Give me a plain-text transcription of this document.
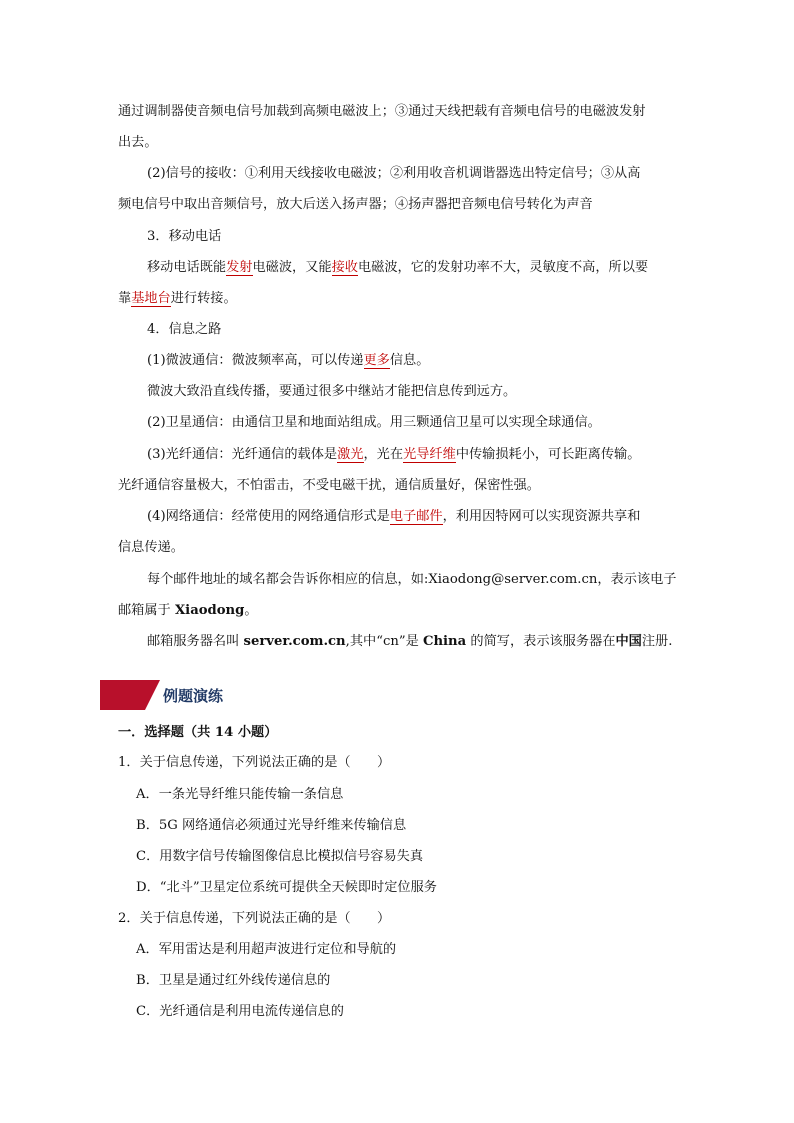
通过调制器使音频电信号加载到高频电磁波上；③通过天线把载有音频电信号的电磁波发射
出去。
(2)信号的接收：①利用天线接收电磁波；②利用收音机调谐器选出特定信号；③从高
频电信号中取出音频信号，放大后送入扬声器；④扬声器把音频电信号转化为声音
3．移动电话
移动电话既能发射电磁波，又能接收电磁波，它的发射功率不大，灵敏度不高，所以要
靠基地台进行转接。
4．信息之路
(1)微波通信：微波频率高，可以传递更多信息。
微波大致沿直线传播，要通过很多中继站才能把信息传到远方。
(2)卫星通信：由通信卫星和地面站组成。用三颗通信卫星可以实现全球通信。
(3)光纤通信：光纤通信的载体是激光，光在光导纤维中传输损耗小，可长距离传输。
光纤通信容量极大，不怕雷击，不受电磁干扰，通信质量好，保密性强。
(4)网络通信：经常使用的网络通信形式是电子邮件，利用因特网可以实现资源共享和
信息传递。
每个邮件地址的域名都会告诉你相应的信息，如:Xiaodong@server.com.cn，表示该电子
邮箱属于 Xiaodong。
邮箱服务器名叫 server.com.cn,其中“cn”是 China 的简写，表示该服务器在中国注册.
例题演练
一．选择题（共 14 小题）
1．关于信息传递，下列说法正确的是（　　）
A．一条光导纤维只能传输一条信息
B．5G 网络通信必须通过光导纤维来传输信息
C．用数字信号传输图像信息比模拟信号容易失真
D．“北斗”卫星定位系统可提供全天候即时定位服务
2．关于信息传递，下列说法正确的是（　　）
A．军用雷达是利用超声波进行定位和导航的
B．卫星是通过红外线传递信息的
C．光纤通信是利用电流传递信息的
